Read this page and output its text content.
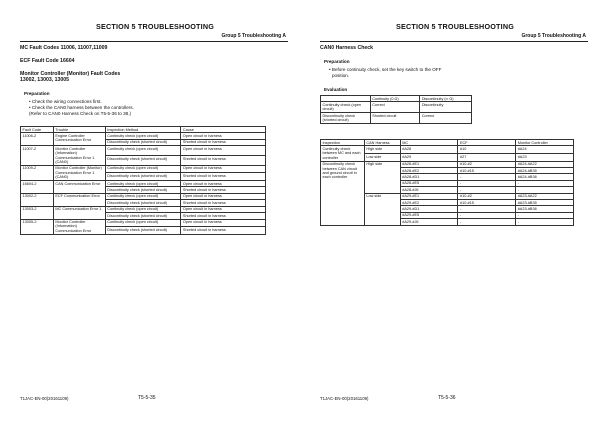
SECTION 5 TROUBLESHOOTING
Group 5 Troubleshooting A
MC Fault Codes 11006, 11007,11009
ECF Fault Code 16604
Monitor Controller (Monitor) Fault Codes
13002, 13003, 13005
Preparation
• Check the wiring connections first.
• Check the CAN0 harness between the controllers.
(Refer to CAN0 Harness Check on T5-5-36 to 38.)
Fault Code	Trouble	Inspection Method	Cause
11006-2	Engine Controller Communication Error	Continuity check (open circuit)	Open circuit in harness
		Discontinuity check (shorted circuit)	Shorted circuit in harness
11007-2	Monitor Controller (Information) Communication Error 1 (CAN0)	Continuity check (open circuit)	Open circuit in harness
		Discontinuity check (shorted circuit)	Shorted circuit in harness
11009-2	Monitor Controller (Monitor) Communication Error 1 (CAN0)	Continuity check (open circuit)	Open circuit in harness
		Discontinuity check (shorted circuit)	Shorted circuit in harness
16604-2	CAN Communication Error	Continuity check (open circuit)	Open circuit in harness
		Discontinuity check (shorted circuit)	Shorted circuit in harness
13002-2	ECF Communication Error	Continuity check (open circuit)	Open circuit in harness
		Discontinuity check (shorted circuit)	Shorted circuit in harness
13003-2	MC Communication Error 1	Continuity check (open circuit)	Open circuit in harness
		Discontinuity check (shorted circuit)	Shorted circuit in harness
13005-2	Monitor Controller (Information) Communication Error	Continuity check (open circuit)	Open circuit in harness
		Discontinuity check (shorted circuit)	Shorted circuit in harness
T1JAC-EN-00(20161109)	T5-5-35
SECTION 5 TROUBLESHOOTING
Group 5 Troubleshooting A
CAN0 Harness Check
Preparation
• Before continuity check, set the key switch to the OFF position.
Evaluation
	Continuity (0 Ω)	Discontinuity (∞ Ω)
Continuity check (open circuit)	Correct	Discontinuity
Discontinuity check (shorted circuit)	Shorted circuit	Correct
Inspection	CAN Harness	MC	ECF	Monitor Controller
Continuity check between MC and each controller	High side	#A28	#10	#A24
	Low side	#A29	#27	#A23
Discontinuity check between CAN circuit and ground circuit in each controller	High side	#A28-#E1	#10-#2	#A24-#A22
		#A28-#E2	#10-#15	#A24-#B35
		#A28-#D1	-	#A24-#B36
		#A28-#E5	-	-
		#A28-#J6	-	-
	Low side	#A29-#E1	#10-#2	#A23-#A22
		#A29-#E2	#10-#15	#A23-#B35
		#A29-#D1	-	#A23-#B36
		#A29-#E5	-	-
		#A29-#J6	-	-
T1JAC-EN-00(20161109)	T5-5-36
